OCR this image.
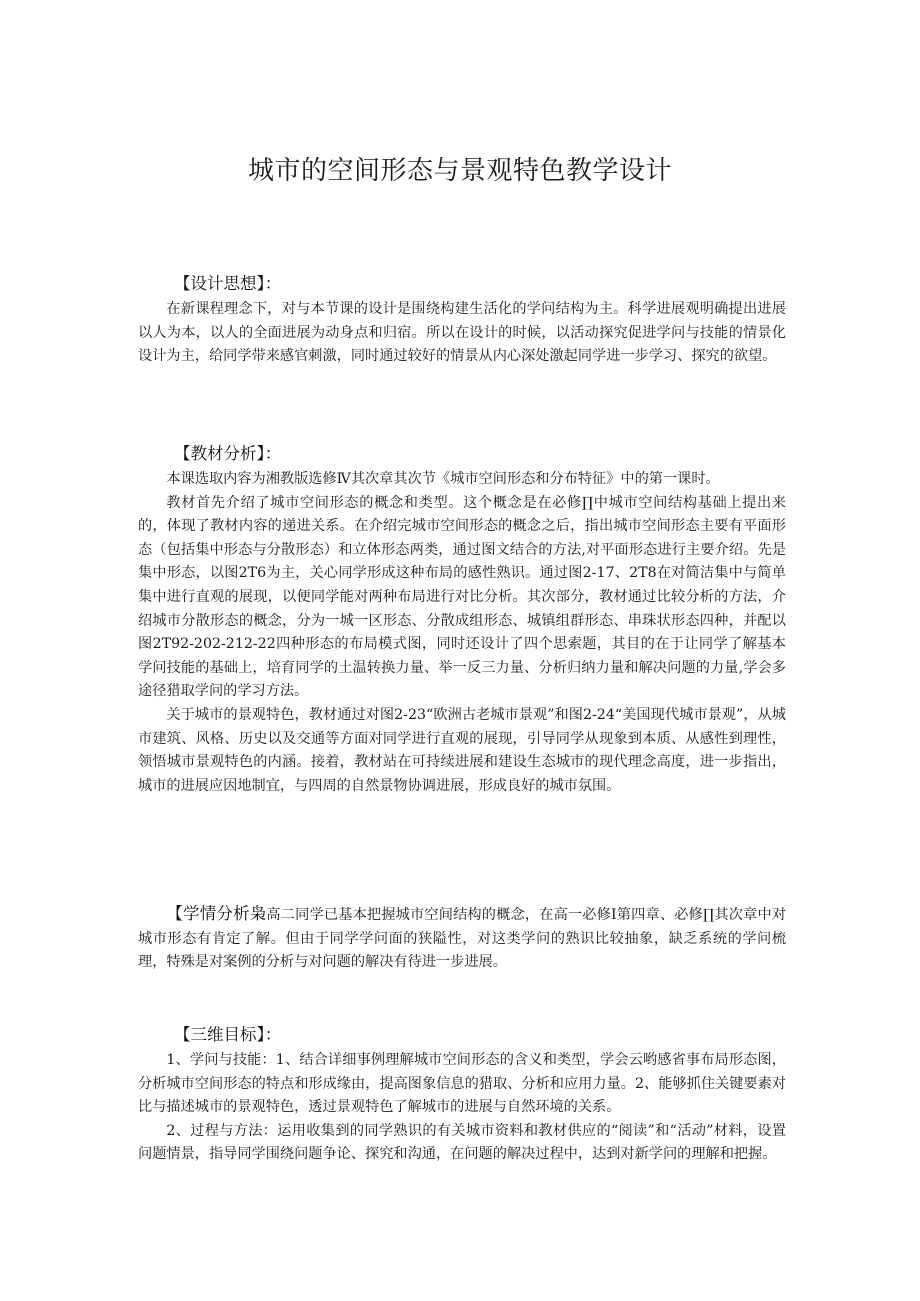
城市的空间形态与景观特色教学设计
【设计思想】：

在新课程理念下，对与本节课的设计是围绕构建生活化的学问结构为主。科学进展观明确提出进展以人为本，以人的全面进展为动身点和归宿。所以在设计的时候，以活动探究促进学问与技能的情景化设计为主，给同学带来感官刺激，同时通过较好的情景从内心深处激起同学进一步学习、探究的欲望。

【教材分析】：

本课选取内容为湘教版选修Ⅳ其次章其次节《城市空间形态和分布特征》中的第一课时。

教材首先介绍了城市空间形态的概念和类型。这个概念是在必修∏中城市空间结构基础上提出来的，体现了教材内容的递进关系。在介绍完城市空间形态的概念之后，指出城市空间形态主要有平面形态（包括集中形态与分散形态）和立体形态两类，通过图文结合的方法,对平面形态进行主要介绍。先是集中形态，以图2T6为主，关心同学形成这种布局的感性熟识。通过图2-17、2T8在对简洁集中与简单集中进行直观的展现，以便同学能对两种布局进行对比分析。其次部分，教材通过比较分析的方法，介绍城市分散形态的概念，分为一城一区形态、分散成组形态、城镇组群形态、串珠状形态四种，并配以图2T92-202-212-22四种形态的布局模式图，同时还设计了四个思索题，其目的在于让同学了解基本学问技能的基础上，培育同学的土温转换力量、举一反三力量、分析归纳力量和解决问题的力量,学会多途径猎取学问的学习方法。

关于城市的景观特色，教材通过对图2-23“欧洲古老城市景观”和图2-24“美国现代城市景观”，从城市建筑、风格、历史以及交通等方面对同学进行直观的展现，引导同学从现象到本质、从感性到理性，领悟城市景观特色的内涵。接着，教材站在可持续进展和建设生态城市的现代理念高度，进一步指出，城市的进展应因地制宜，与四周的自然景物协调进展，形成良好的城市氛围。

【学情分析枭高二同学已基本把握城市空间结构的概念，在高一必修Ⅰ第四章、必修∏其次章中对城市形态有肯定了解。但由于同学学问面的狭隘性，对这类学问的熟识比较抽象，缺乏系统的学问梳理，特殊是对案例的分析与对问题的解决有待进一步进展。

【三维目标】：

1、学问与技能：1、结合详细事例理解城市空间形态的含义和类型，学会云哟感省事布局形态图，分析城市空间形态的特点和形成缘由，提高图象信息的猎取、分析和应用力量。2、能够抓住关键要素对比与描述城市的景观特色，透过景观特色了解城市的进展与自然环境的关系。

2、过程与方法：运用收集到的同学熟识的有关城市资料和教材供应的“阅读”和“活动”材料，设置问题情景，指导同学围绕问题争论、探究和沟通，在问题的解决过程中，达到对新学问的理解和把握。
